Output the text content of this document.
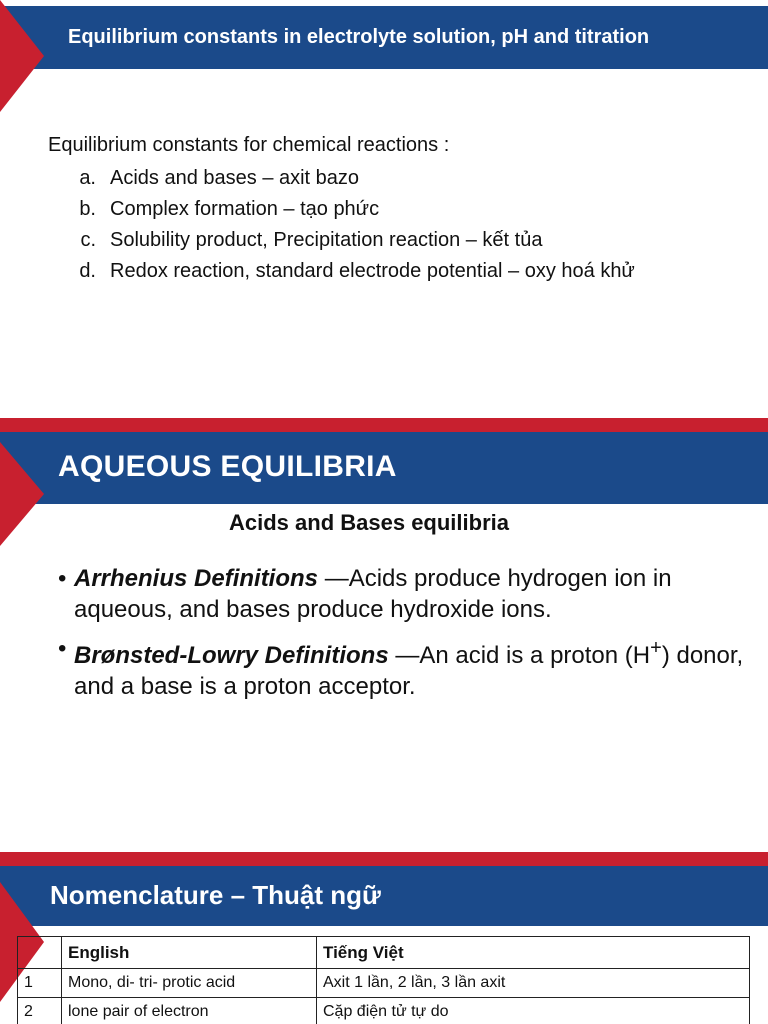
Equilibrium constants in electrolyte solution, pH and titration
Equilibrium constants for chemical reactions :
a. Acids and bases – axit bazo
b. Complex formation – tạo phức
c. Solubility product, Precipitation reaction – kết tủa
d. Redox reaction, standard electrode potential – oxy hoá khử
AQUEOUS EQUILIBRIA
Acids and Bases equilibria
• Arrhenius Definitions —Acids produce hydrogen ion in aqueous, and bases produce hydroxide ions.
• Brønsted-Lowry Definitions —An acid is a proton (H+) donor, and a base is a proton acceptor.
Nomenclature – Thuật ngữ
	English	Tiếng Việt
1	Mono, di- tri- protic acid	Axit 1 lần, 2 lần, 3 lần axit
2	lone pair of electron	Cặp điện tử tự do
